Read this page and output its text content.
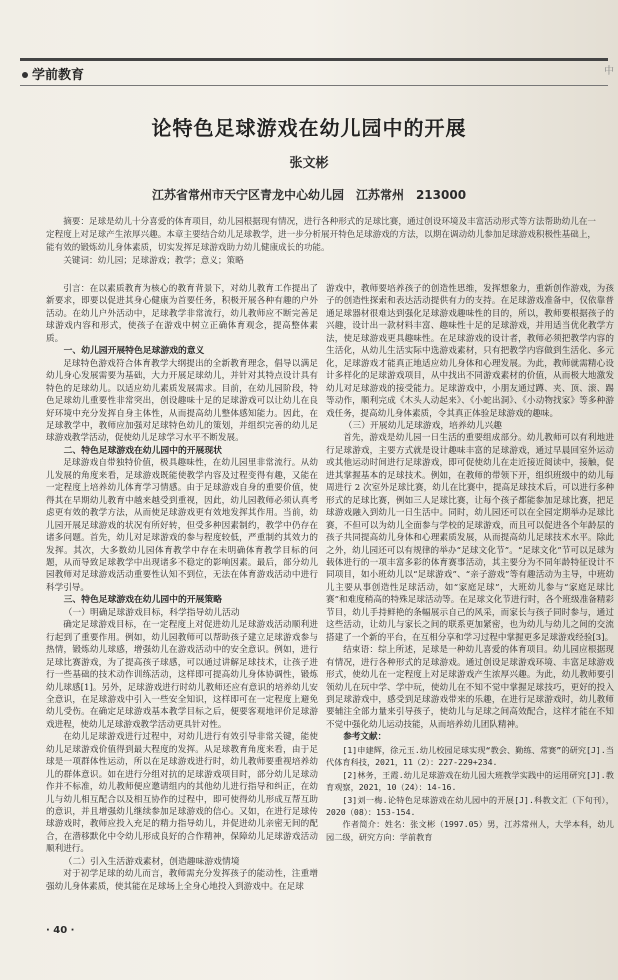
学前教育	中
论特色足球游戏在幼儿园中的开展
张文彬
江苏省常州市天宁区青龙中心幼儿园　江苏常州　213000

摘要：足球是幼儿十分喜爱的体育项目，幼儿园根据现有情况，进行各种形式的足球比赛，通过创设环境及丰富活动形式等方法帮助幼儿在一定程度上对足球产生浓厚兴趣。本章主要结合幼儿足球教学，进一步分析展开特色足球游戏的方法，以期在调动幼儿参加足球游戏积极性基础上，能有效的锻炼幼儿身体素质，切实发挥足球游戏助力幼儿健康成长的功能。

关键词：幼儿园；足球游戏；教学；意义；策略

引言：在以素质教育为核心的教育背景下，对幼儿教育工作提出了新要求，即要以促进其身心健康为首要任务，积极开展各种有趣的户外活动。在幼儿户外活动中，足球教学非常流行，幼儿教师应不断完善足球游戏内容和形式，使孩子在游戏中树立正确体育观念，提高整体素质。

一、幼儿园开展特色足球游戏的意义

足球特色游戏符合体育教学大纲提出的全新教育理念，倡导以满足幼儿身心发展需要为基础，大力开展足球幼儿，并针对其特点设计具有特色的足球幼儿。以适应幼儿素质发展需求。目前，在幼儿园阶段，特色足球幼儿重要性非常突出，创设趣味十足的足球游戏可以让幼儿在良好环境中充分发挥自身主体性，从而提高幼儿整体感知能力。因此，在足球教学中，教师应加强对足球特色幼儿的策划，并组织完善的幼儿足球游戏教学活动，促使幼儿足球学习水平不断发展。

二、特色足球游戏在幼儿园中的开展现状

足球游戏自带独特价值，极具趣味性，在幼儿园里非常流行。从幼儿发展的角度来看，足球游戏既能使教学内容及过程变得有趣，又能在一定程度上培养幼儿体育学习情感。由于足球游戏自身的重要价值，使得其在早期幼儿教育中越来越受到重视，因此，幼儿园教师必须认真考虑更有效的教学方法，从而使足球游戏更有效地发挥其作用。当前，幼儿园开展足球游戏的状况有所好转，但受多种因素制约，教学中仍存在诸多问题。首先，幼儿对足球游戏的参与程度较低，严重制约其效力的发挥。其次，大多数幼儿园体育教学中存在未明确体育教学目标的问题，从而导致足球教学中出现诸多不稳定的影响因素。最后，部分幼儿园教师对足球游戏活动重要性认知不到位，无法在体育游戏活动中进行科学引导。

三、特色足球游戏在幼儿园中的开展策略
（一）明确足球游戏目标，科学指导幼儿活动

确定足球游戏目标，在一定程度上对促进幼儿足球游戏活动顺利进行起到了重要作用。例如，幼儿园教师可以帮助孩子建立足球游戏参与热情，锻炼幼儿球感，增强幼儿在游戏活动中的安全意识。例如，进行足球比赛游戏，为了提高孩子球感，可以通过讲解足球技术，让孩子进行一些基础的技术动作训练活动，这样即可提高幼儿身体协调性，锻炼幼儿球感[1]。另外，足球游戏进行时幼儿教师还应有意识的培养幼儿安全意识，在足球游戏中引入一些安全知识，这样即可在一定程度上避免幼儿受伤。在确定足球游戏基本教学目标之后，便要客观地评价足球游戏进程，使幼儿足球游戏教学活动更具针对性。

在幼儿足球游戏进行过程中，对幼儿进行有效引导非常关键，能使幼儿足球游戏价值得到最大程度的发挥。从足球教育角度来看，由于足球是一项群体性运动，所以在足球游戏进行时，幼儿教师要重视培养幼儿的群体意识。如在进行分组对抗的足球游戏项目时，部分幼儿足球动作并不标准，幼儿教师便应邀请组内的其他幼儿进行指导和纠正，在幼儿与幼儿相互配合以及相互协作的过程中，即可使得幼儿形成互帮互助的意识，并且增强幼儿继续参加足球游戏的信心。又如，在进行足球传球游戏时，教师应投入充足的精力指导幼儿，并促进幼儿亲密无间的配合，在潜移默化中令幼儿形成良好的合作精神，保障幼儿足球游戏活动顺利进行。

（二）引入生活游戏素材，创造趣味游戏情境

对于初学足球的幼儿而言，教师需充分发挥孩子的能动性，注重增强幼儿身体素质，使其能在足球场上全身心地投入到游戏中。在足球

游戏中，教师要培养孩子的创造性思维，发挥想象力，重新创作游戏，为孩子的创造性探索和表达活动提供有力的支持。在足球游戏准备中，仅依靠普通足球器材很难达到强化足球游戏趣味性的目的，所以，教师要根据孩子的兴趣，设计出一款材料丰富、趣味性十足的足球游戏，并用适当优化教学方法，使足球游戏更具趣味性。在足球游戏的设计者，教师必须把教学内容的生活化，从幼儿生活实际中选游戏素材，只有把教学内容做到生活化、多元化，足球游戏才能真正地适应幼儿身体和心理发展。为此，教师就需精心设计多样化的足球游戏项目，从中找出不同游戏素材的价值，从而极大地激发幼儿对足球游戏的接受能力。足球游戏中，小朋友通过蹲、夹、顶、滚、踢等动作，顺利完成《木头人动起来》、《小蛇出洞》、《小动物找家》等多种游戏任务，提高幼儿身体素质，令其真正体验足球游戏的趣味。

（三）开展幼儿足球游戏，培养幼儿兴趣

首先，游戏是幼儿园一日生活的重要组成部分。幼儿教师可以有利地进行足球游戏，主要方式就是设计趣味丰富的足球游戏，通过早晨回室外运动或其他运动时间进行足球游戏，即可促使幼儿在走近接近阅读中，接触，促进其掌握基本的足球技术。例如，在教师的带领下开，组织班级中的幼儿每周进行 2 次室外足球比赛，幼儿在比赛中，提高足球技术后，可以进行多种形式的足球比赛，例如三人足球比赛，让每个孩子都能参加足球比赛，把足球游戏融入到幼儿一日生活中。同时，幼儿园还可以在全园定期举办足球比赛，不但可以为幼儿全面参与学校的足球游戏，而且可以促进各个年龄层的孩子共同提高幼儿身体和心理素质发展，从而提高幼儿足球技术水平。除此之外，幼儿园还可以有规律的举办“足球文化节”。“足球文化”节可以足球为载体进行的一项丰富多彩的体育赛事活动，其主要分为不同年龄特征设计不同项目，如小班幼儿以“足球游戏”、“亲子游戏”等有趣活动为主导，中班幼儿主要从事创造性足球活动，如“家庭足球”，大班幼儿参与“家庭足球比赛”和难度稍高的特殊足球活动等。在足球文化节进行时，各个班级准备精彩节目，幼儿手持鲜艳的条幅展示自己的风采，而家长与孩子同时参与，通过这些活动，让幼儿与家长之间的联系更加紧密，也为幼儿与幼儿之间的交流搭建了一个新的平台，在互相分享和学习过程中掌握更多足球游戏经验[3]。

结束语：综上所述，足球是一种幼儿喜爱的体育项目。幼儿园应根据现有情况，进行各种形式的足球游戏。通过创设足球游戏环境、丰富足球游戏形式，使幼儿在一定程度上对足球游戏产生浓厚兴趣。为此，幼儿教师要引领幼儿在玩中学、学中玩，使幼儿在不知不觉中掌握足球技巧，更好的投入到足球游戏中，感受到足球游戏带来的乐趣，在进行足球游戏时，幼儿教师要辅注全部力量来引导孩子，使幼儿与足球之间高效配合，这样才能在不知不觉中强化幼儿运动技能，从而培养幼儿团队精神。

参考文献：

[1]申建辉，徐元玉.幼儿校园足球实现“教会、勤练、常赛”的研究[J].当代体育科技，2021，11（2）：227-229+234.

[2]林务，王霞.幼儿足球游戏在幼儿园大班教学实践中的运用研究[J].教育观察，2021，10（24）：14-16.

[3]刘一梅.论特色足球游戏在幼儿园中的开展[J].科教文汇（下旬刊），2020（08）：153-154.

作者简介：姓名：张文彬（1997.05）男，江苏常州人，大学本科，幼儿园二级，研究方向：学前教育

· 40 ·
